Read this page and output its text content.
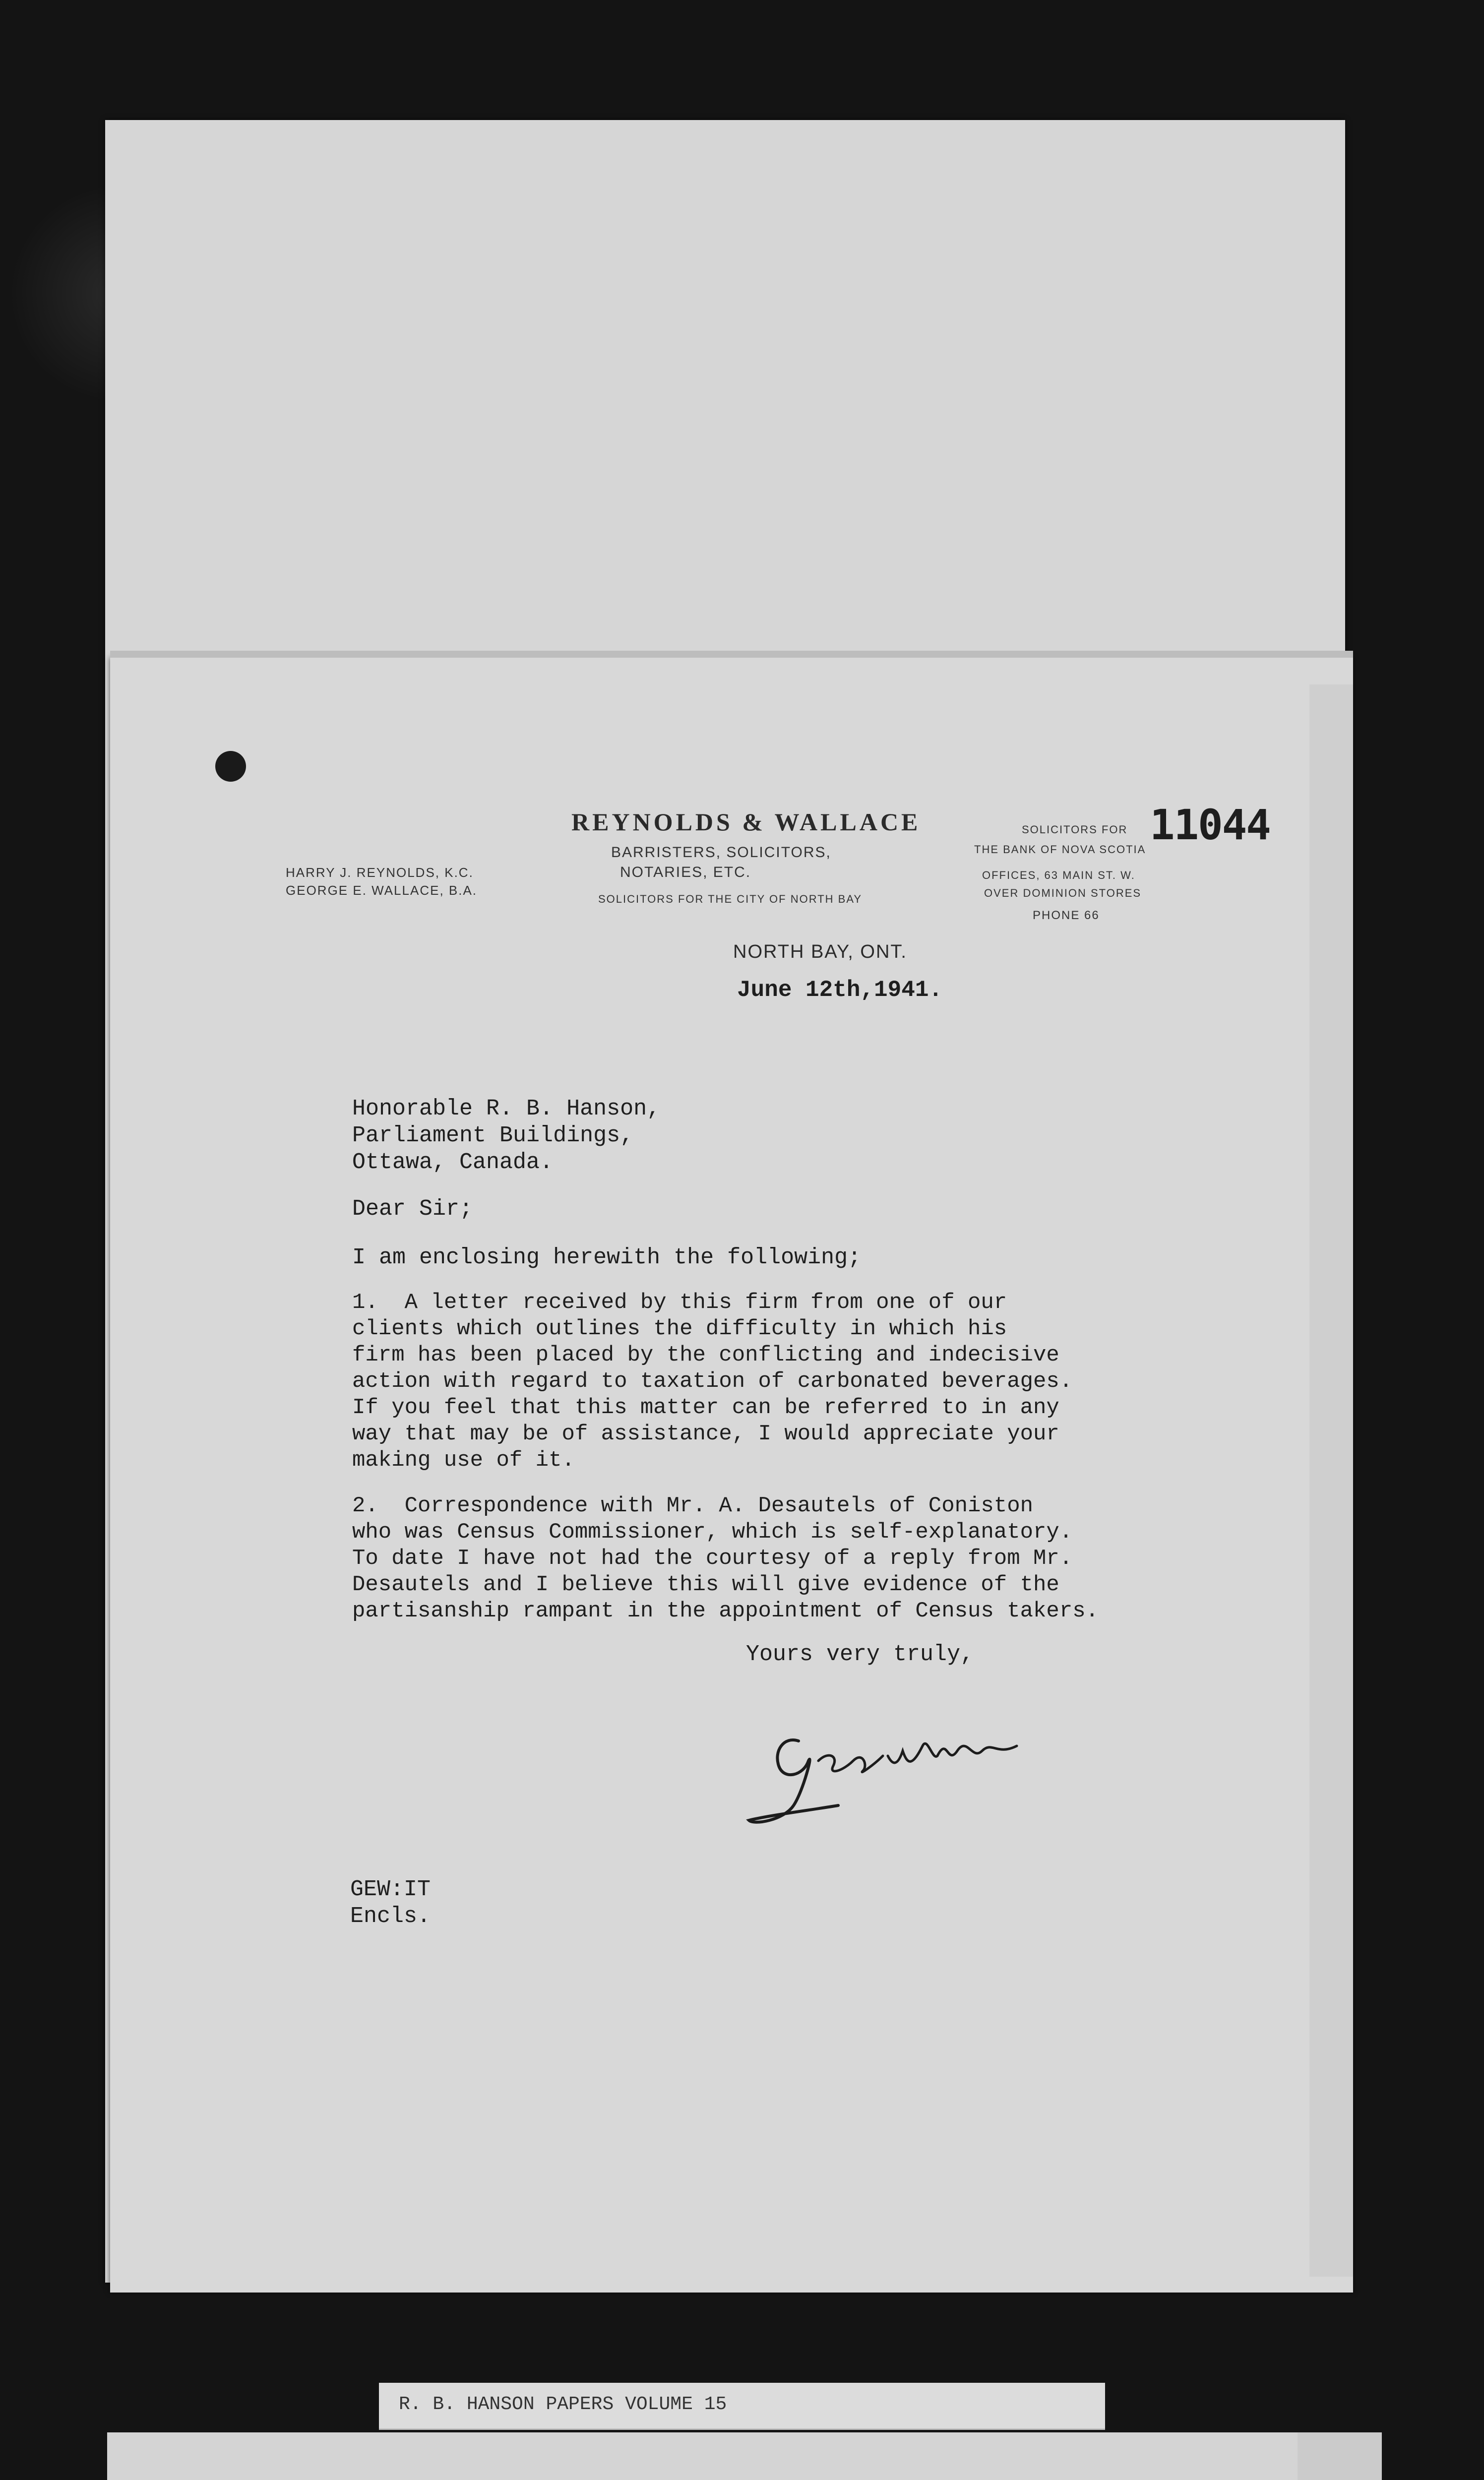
REYNOLDS & WALLACE
BARRISTERS, SOLICITORS,
NOTARIES, ETC.
SOLICITORS FOR THE CITY OF NORTH BAY
HARRY J. REYNOLDS, K.C.
GEORGE E. WALLACE, B.A.
SOLICITORS FOR
THE BANK OF NOVA SCOTIA
OFFICES, 63 MAIN ST. W.
OVER DOMINION STORES
PHONE 66
11044
NORTH BAY, ONT.
June 12th,1941.
Honorable R. B. Hanson,
Parliament Buildings,
Ottawa, Canada.
Dear Sir;
I am enclosing herewith the following;
1.  A letter received by this firm from one of our
clients which outlines the difficulty in which his
firm has been placed by the conflicting and indecisive
action with regard to taxation of carbonated beverages.
If you feel that this matter can be referred to in any
way that may be of assistance, I would appreciate your
making use of it.
2.  Correspondence with Mr. A. Desautels of Coniston
who was Census Commissioner, which is self-explanatory.
To date I have not had the courtesy of a reply from Mr.
Desautels and I believe this will give evidence of the
partisanship rampant in the appointment of Census takers.
Yours very truly,
GEW:IT
Encls.
R. B. HANSON PAPERS VOLUME 15
